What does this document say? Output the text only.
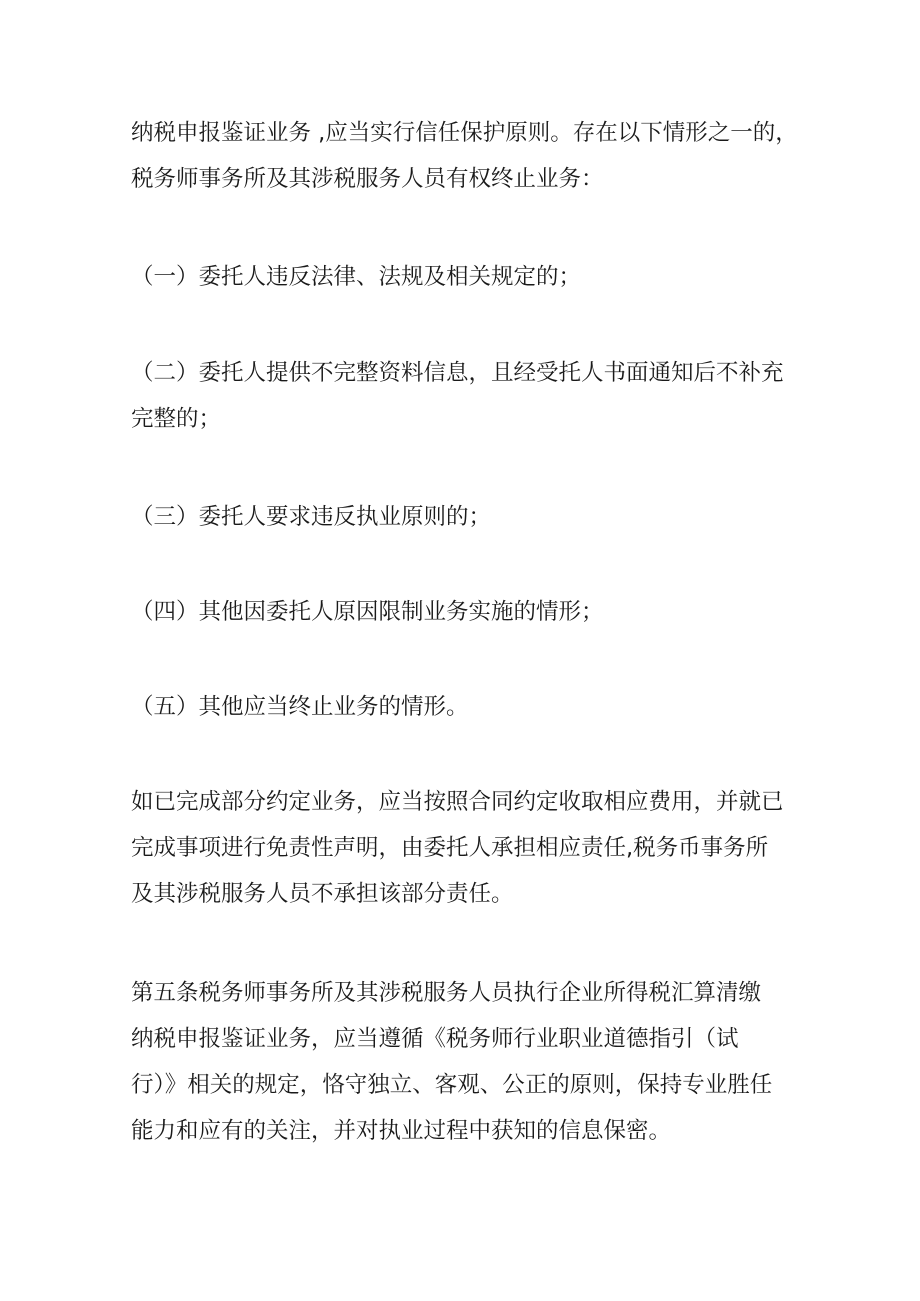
纳税申报鉴证业务 ,应当实行信任保护原则。存在以下情形之一的，
税务师事务所及其涉税服务人员有权终止业务：

（一）委托人违反法律、法规及相关规定的；

（二）委托人提供不完整资料信息，且经受托人书面通知后不补充
完整的；

（三）委托人要求违反执业原则的；

（四）其他因委托人原因限制业务实施的情形；

（五）其他应当终止业务的情形。

如已完成部分约定业务，应当按照合同约定收取相应费用，并就已
完成事项进行免责性声明，由委托人承担相应责任,税务币事务所
及其涉税服务人员不承担该部分责任。

第五条税务师事务所及其涉税服务人员执行企业所得税汇算清缴
纳税申报鉴证业务，应当遵循《税务师行业职业道德指引（试
行）》相关的规定，恪守独立、客观、公正的原则，保持专业胜任
能力和应有的关注，并对执业过程中获知的信息保密。
